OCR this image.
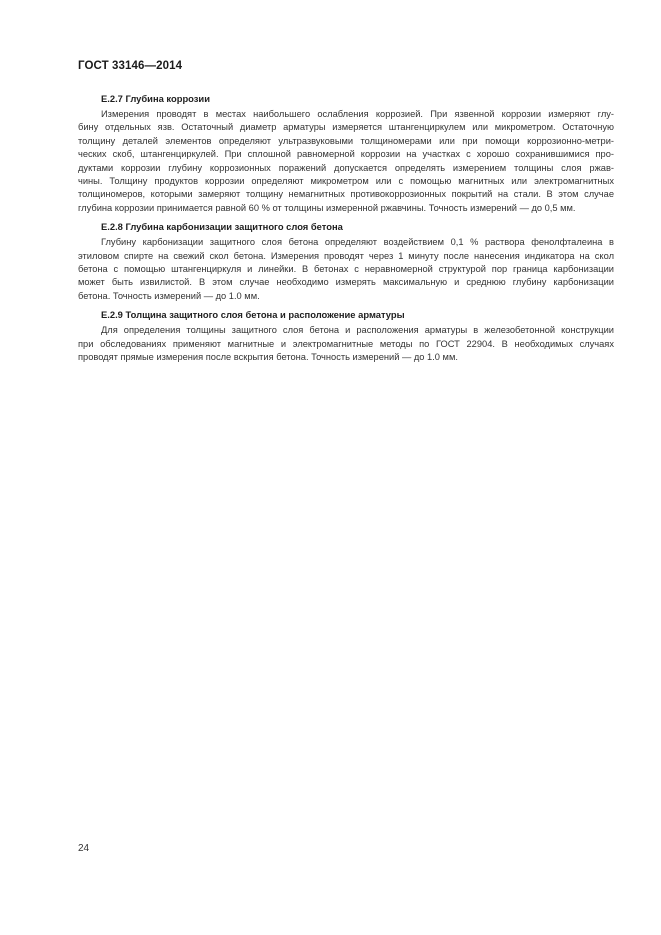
ГОСТ 33146—2014
Е.2.7 Глубина коррозии
Измерения проводят в местах наибольшего ослабления коррозией. При язвенной коррозии измеряют глу-
бину отдельных язв. Остаточный диаметр арматуры измеряется штангенциркулем или микрометром. Остаточную
толщину деталей элементов определяют ультразвуковыми толщиномерами или при помощи коррозионно-метри-
ческих скоб, штангенциркулей. При сплошной равномерной коррозии на участках с хорошо сохранившимися про-
дуктами коррозии глубину коррозионных поражений допускается определять измерением толщины слоя ржав-
чины. Толщину продуктов коррозии определяют микрометром или с помощью магнитных или электромагнитных
толщиномеров, которыми замеряют толщину немагнитных противокоррозионных покрытий на стали. В этом случае
глубина коррозии принимается равной 60 % от толщины измеренной ржавчины. Точность измерений — до 0,5 мм.
Е.2.8 Глубина карбонизации защитного слоя бетона
Глубину карбонизации защитного слоя бетона определяют воздействием 0,1 % раствора фенолфталеина в
этиловом спирте на свежий скол бетона. Измерения проводят через 1 минуту после нанесения индикатора на скол
бетона с помощью штангенциркуля и линейки. В бетонах с неравномерной структурой пор граница карбонизации
может быть извилистой. В этом случае необходимо измерять максимальную и среднюю глубину карбонизации
бетона. Точность измерений — до 1.0 мм.
Е.2.9 Толщина защитного слоя бетона и расположение арматуры
Для определения толщины защитного слоя бетона и расположения арматуры в железобетонной конструкции
при обследованиях применяют магнитные и электромагнитные методы по ГОСТ 22904. В необходимых случаях
проводят прямые измерения после вскрытия бетона. Точность измерений — до 1.0 мм.
24
